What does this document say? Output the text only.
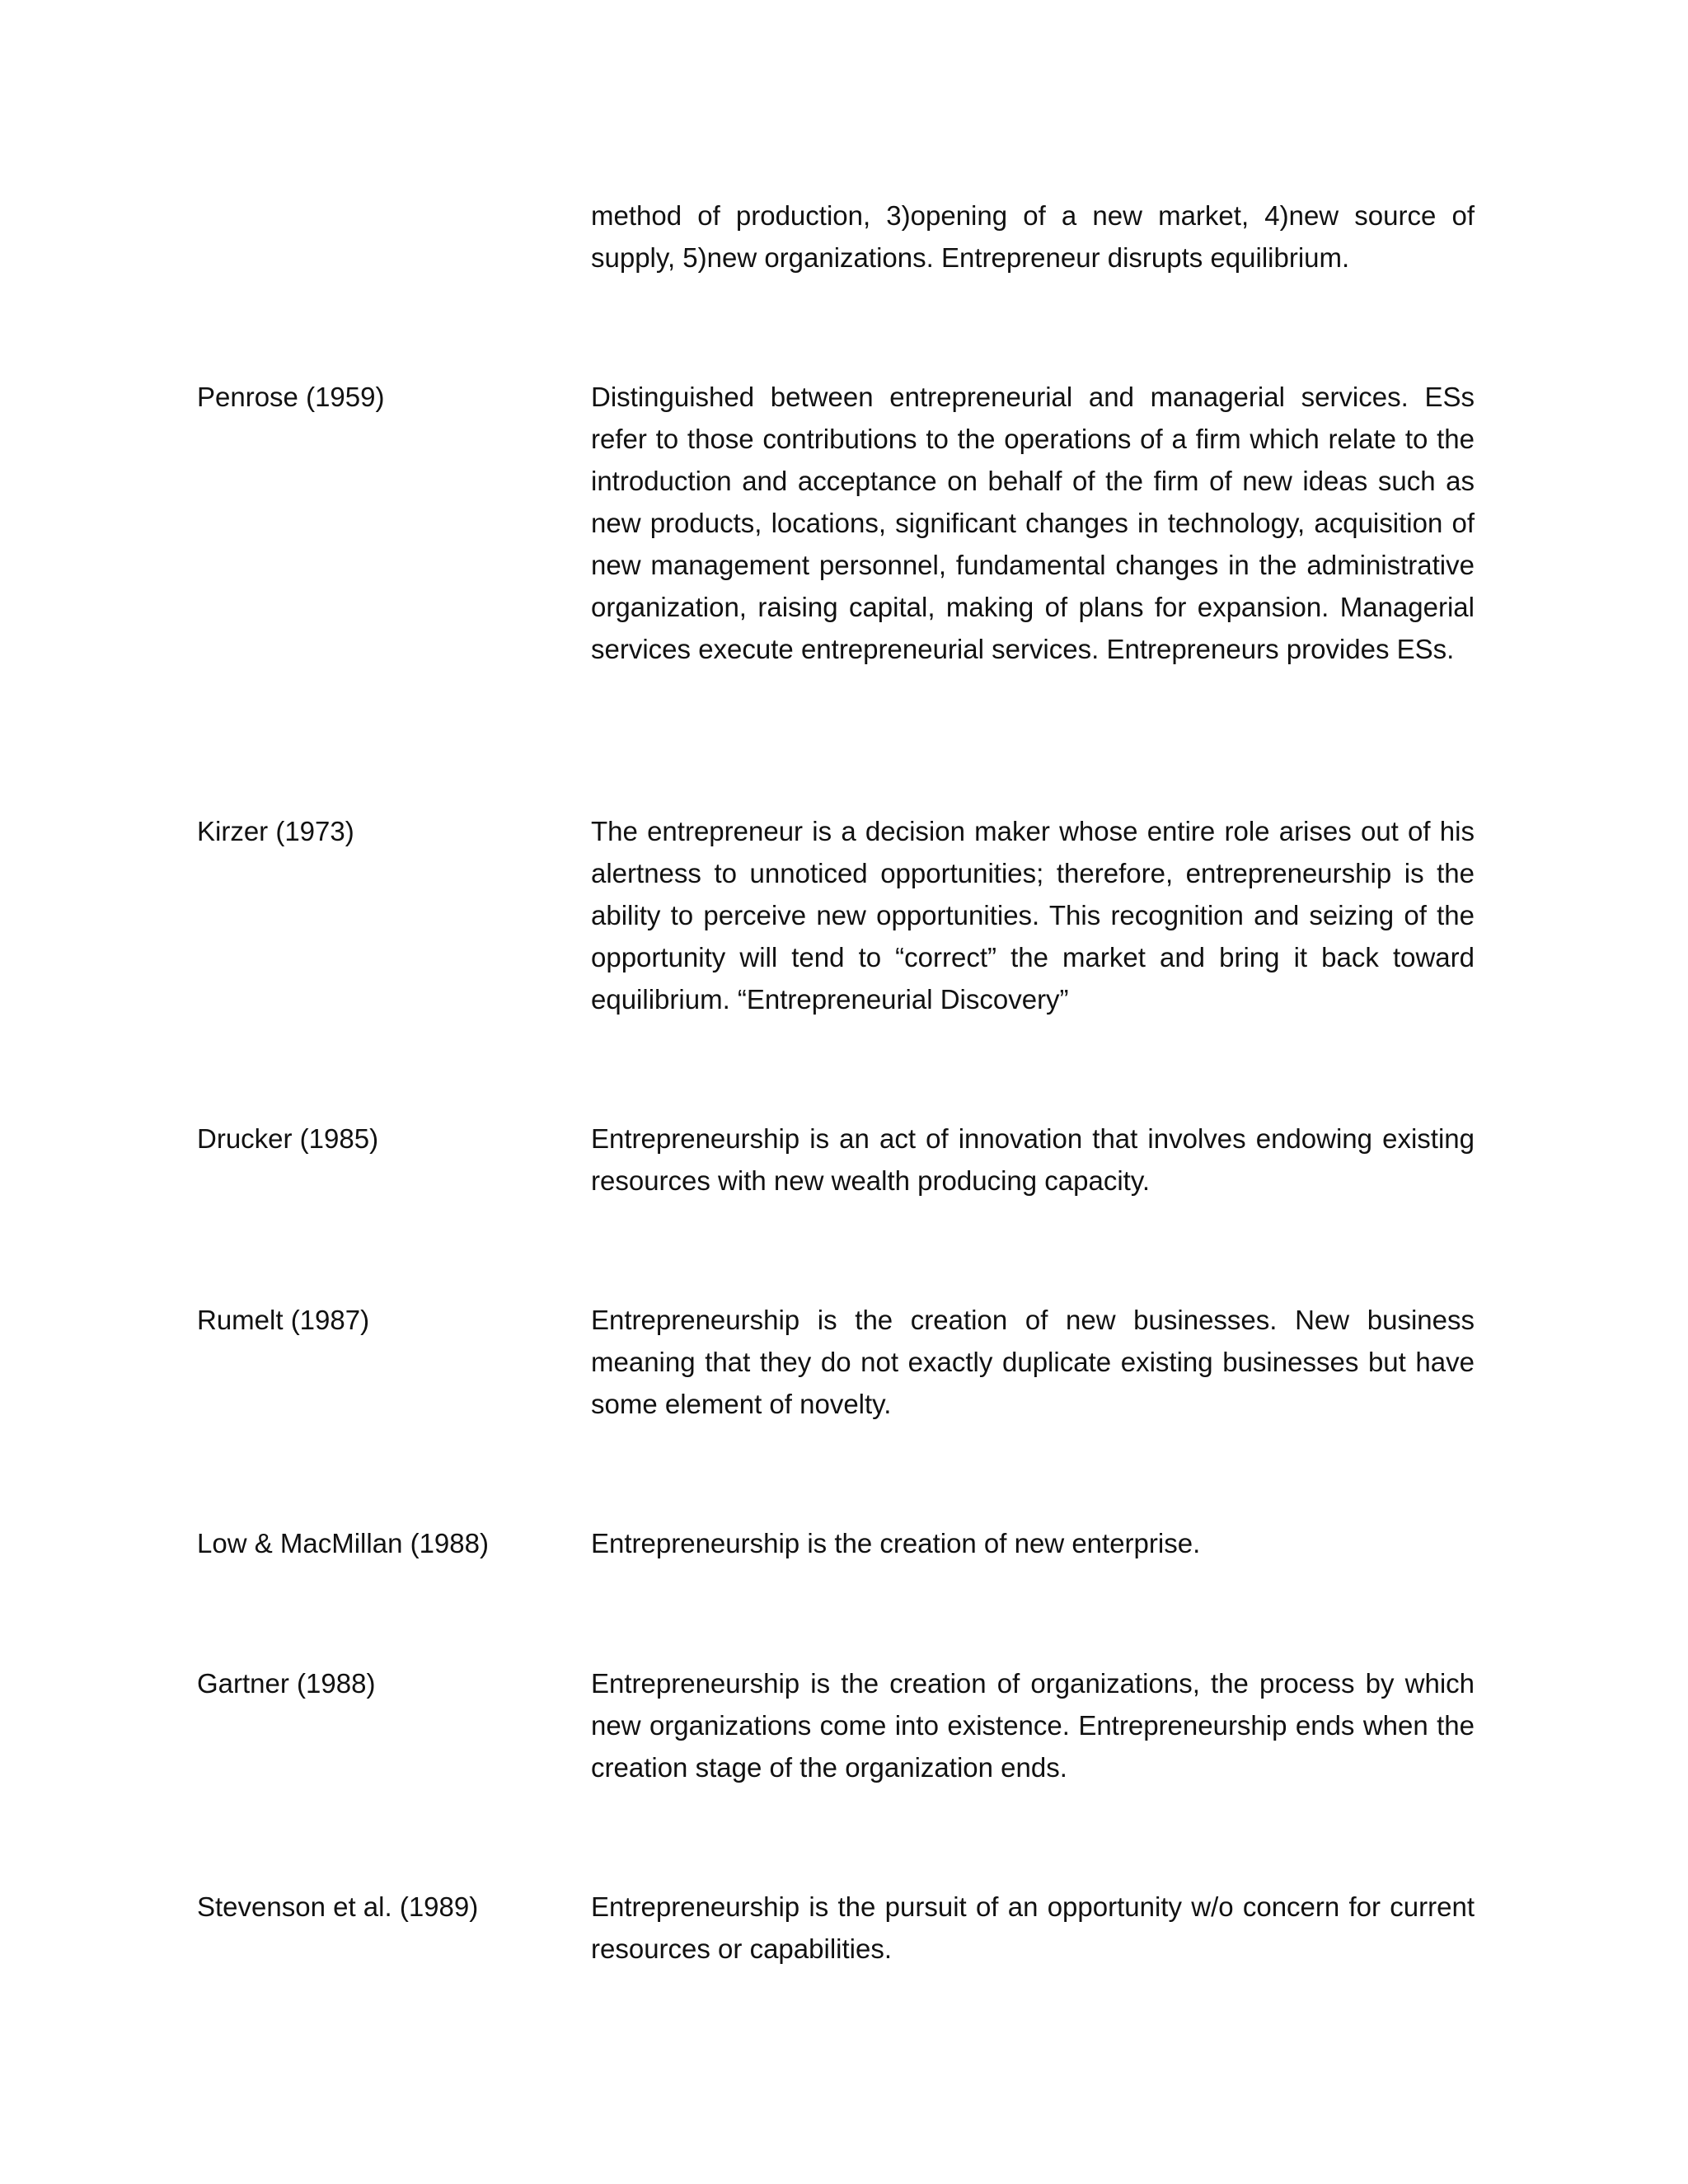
method of production, 3)opening of a new market, 4)new source of supply, 5)new organizations. Entrepreneur disrupts equilibrium.
Penrose (1959)	Distinguished between entrepreneurial and managerial services. ESs refer to those contributions to the operations of a firm which relate to the introduction and acceptance on behalf of the firm of new ideas such as new products, locations, significant changes in technology, acquisition of new management personnel, fundamental changes in the administrative organization, raising capital, making of plans for expansion. Managerial services execute entrepreneurial services. Entrepreneurs provides ESs.
Kirzer (1973)	The entrepreneur is a decision maker whose entire role arises out of his alertness to unnoticed opportunities; therefore, entrepreneurship is the ability to perceive new opportunities. This recognition and seizing of the opportunity will tend to “correct” the market and bring it back toward equilibrium. “Entrepreneurial Discovery”
Drucker (1985)	Entrepreneurship is an act of innovation that involves endowing existing resources with new wealth producing capacity.
Rumelt (1987)	Entrepreneurship is the creation of new businesses. New business meaning that they do not exactly duplicate existing businesses but have some element of novelty.
Low & MacMillan (1988)	Entrepreneurship is the creation of new enterprise.
Gartner (1988)	Entrepreneurship is the creation of organizations, the process by which new organizations come into existence. Entrepreneurship ends when the creation stage of the organization ends.
Stevenson et al. (1989)	Entrepreneurship is the pursuit of an opportunity w/o concern for current resources or capabilities.
